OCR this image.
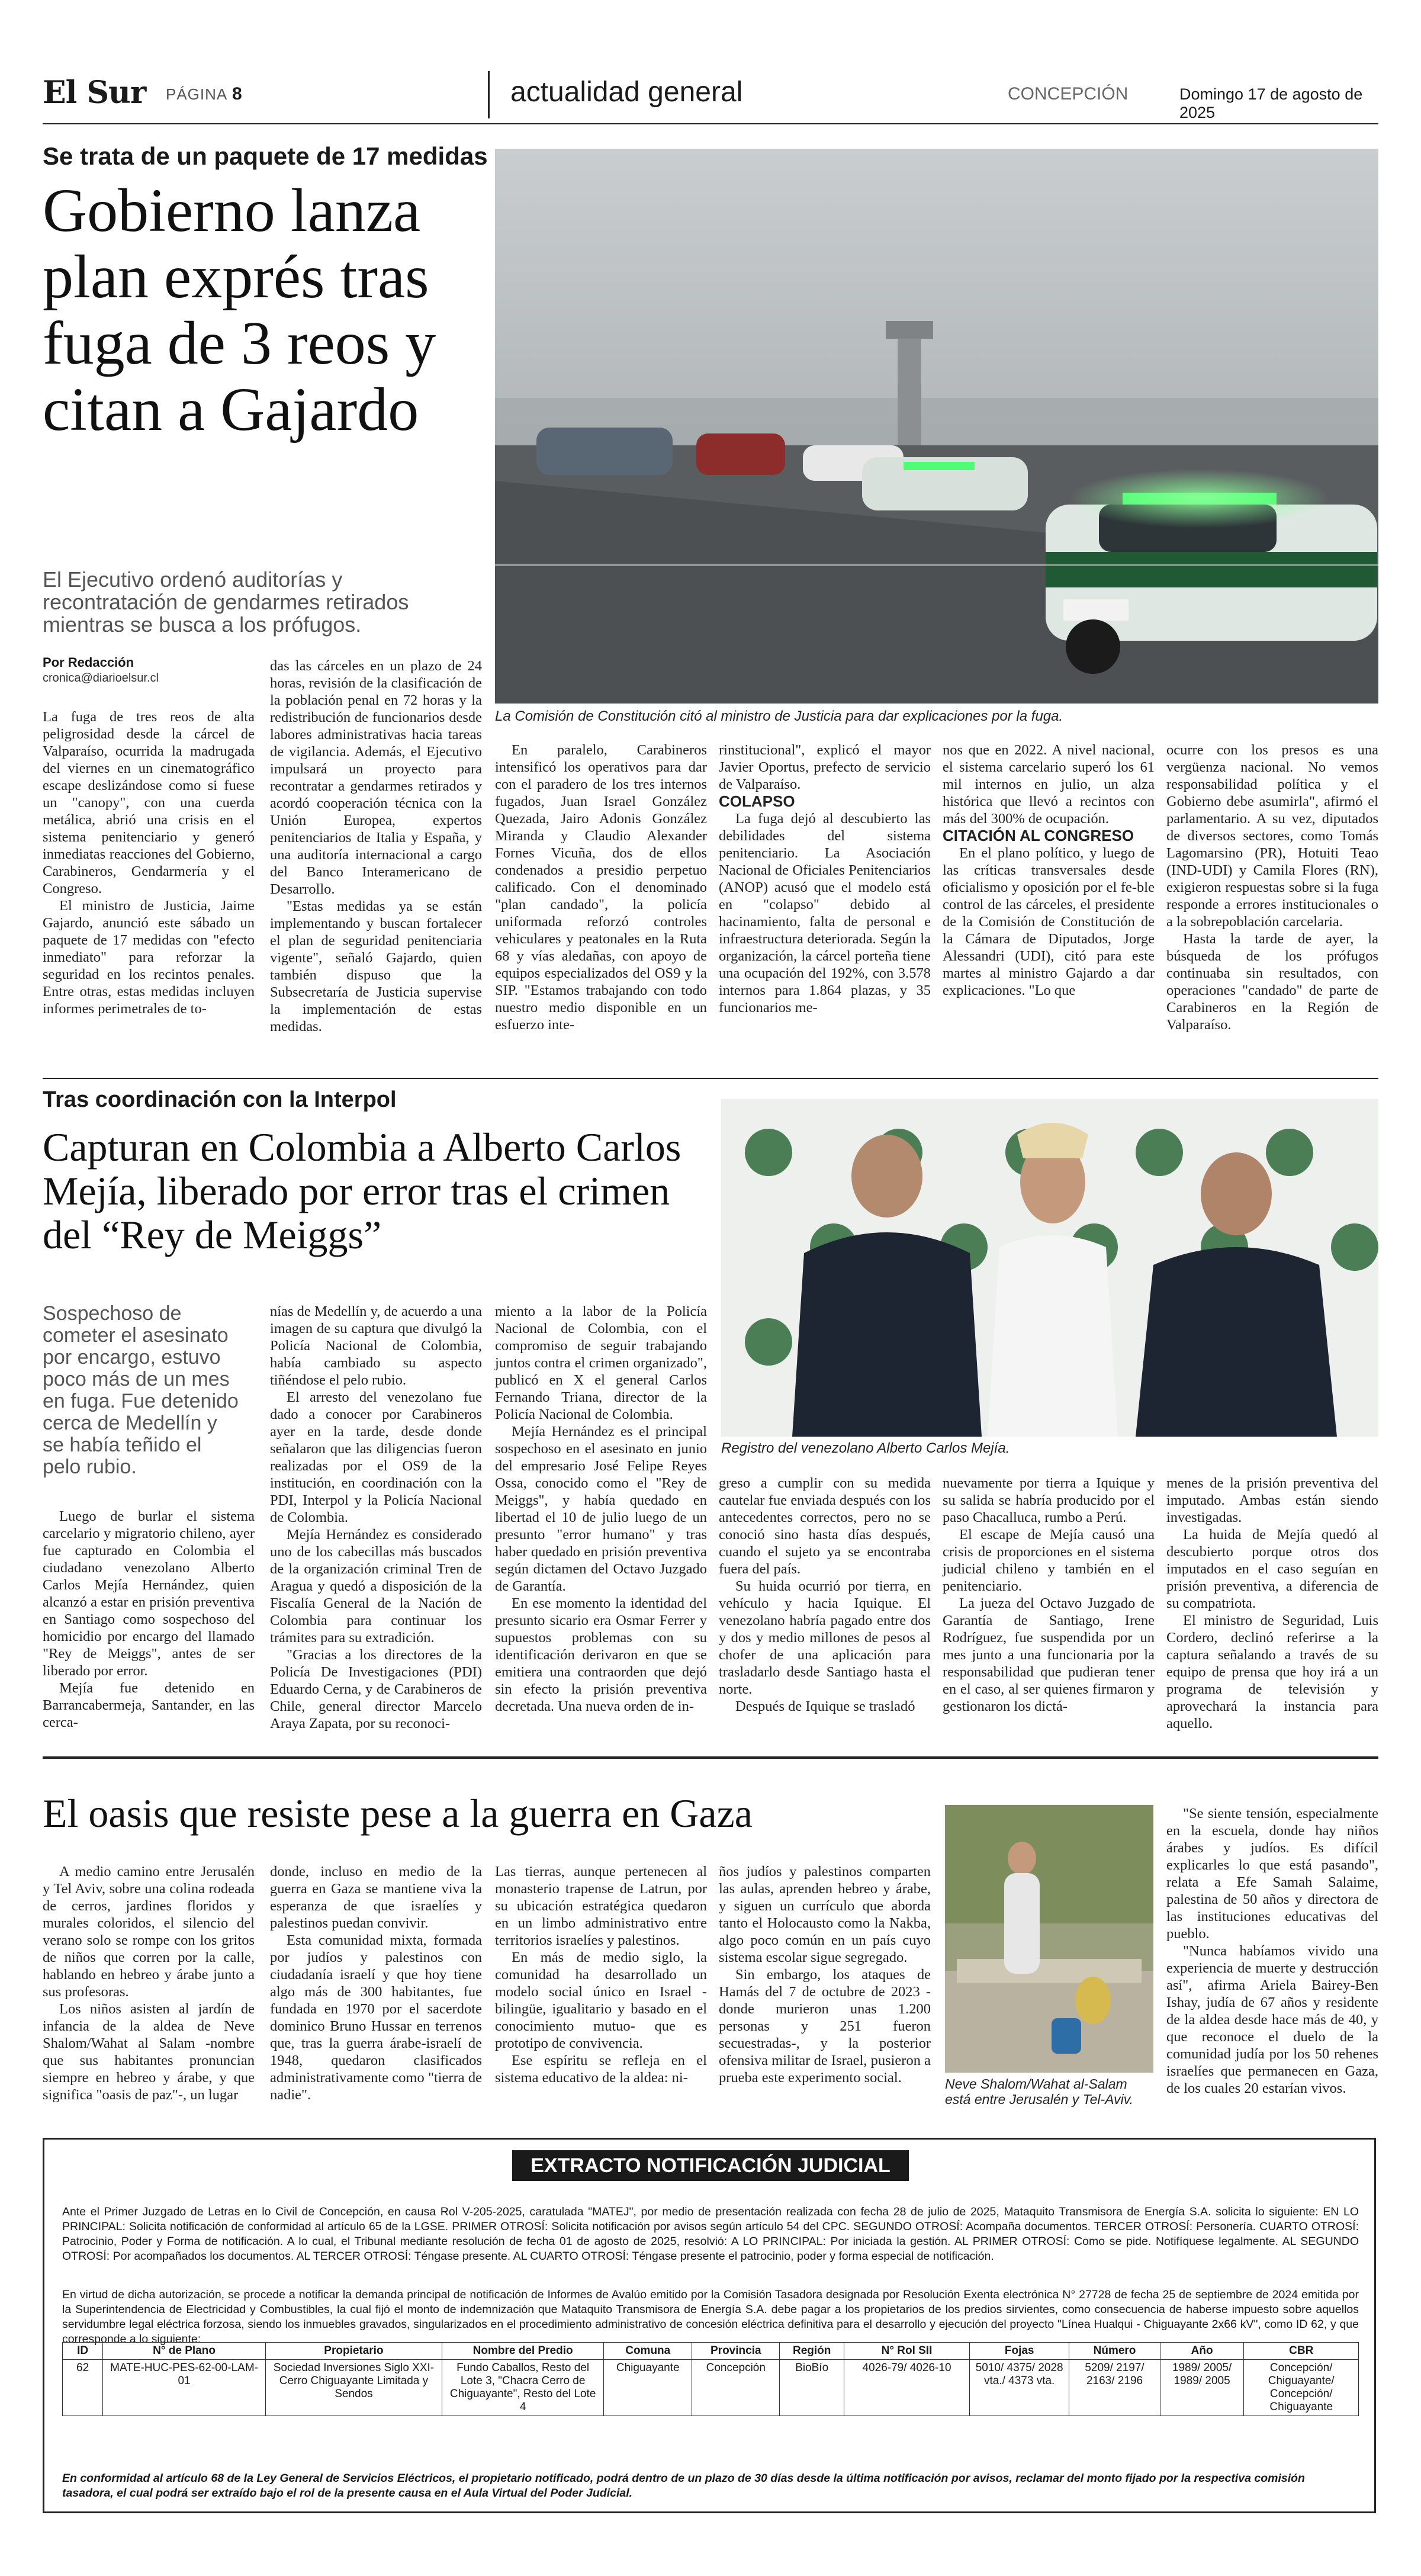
El Sur PÁGINA 8	actualidad general	CONCEPCIÓN	Domingo 17 de agosto de 2025
Se trata de un paquete de 17 medidas
Gobierno lanza plan exprés tras fuga de 3 reos y citan a Gajardo
El Ejecutivo ordenó auditorías y recontratación de gendarmes retirados mientras se busca a los prófugos.
La Comisión de Constitución citó al ministro de Justicia para dar explicaciones por la fuga.
Por Redacción
cronica@diarioelsur.cl

La fuga de tres reos de alta peligrosidad desde la cárcel de Valparaíso, ocurrida la madrugada del viernes en un cinematográfico escape deslizándose como si fuese un "canopy", con una cuerda metálica, abrió una crisis en el sistema penitenciario y generó inmediatas reacciones del Gobierno, Carabineros, Gendarmería y el Congreso.

El ministro de Justicia, Jaime Gajardo, anunció este sábado un paquete de 17 medidas con "efecto inmediato" para reforzar la seguridad en los recintos penales. Entre otras, estas medidas incluyen informes perimetrales de to-

das las cárceles en un plazo de 24 horas, revisión de la clasificación de la población penal en 72 horas y la redistribución de funcionarios desde labores administrativas hacia tareas de vigilancia. Además, el Ejecutivo impulsará un proyecto para recontratar a gendarmes retirados y acordó cooperación técnica con la Unión Europea, expertos penitenciarios de Italia y España, y una auditoría internacional a cargo del Banco Interamericano de Desarrollo.

"Estas medidas ya se están implementando y buscan fortalecer el plan de seguridad penitenciaria vigente", señaló Gajardo, quien también dispuso que la Subsecretaría de Justicia supervise la implementación de estas medidas.

En paralelo, Carabineros intensificó los operativos para dar con el paradero de los tres internos fugados, Juan Israel González Quezada, Jairo Adonis González Miranda y Claudio Alexander Fornes Vicuña, dos de ellos condenados a presidio perpetuo calificado. Con el denominado "plan candado", la policía uniformada reforzó controles vehiculares y peatonales en la Ruta 68 y vías aledañas, con apoyo de equipos especializados del OS9 y la SIP. "Estamos trabajando con todo nuestro medio disponible en un esfuerzo inte-

rinstitucional", explicó el mayor Javier Oportus, prefecto de servicio de Valparaíso.

COLAPSO

La fuga dejó al descubierto las debilidades del sistema penitenciario. La Asociación Nacional de Oficiales Penitenciarios (ANOP) acusó que el modelo está en "colapso" debido al hacinamiento, falta de personal e infraestructura deteriorada. Según la organización, la cárcel porteña tiene una ocupación del 192%, con 3.578 internos para 1.864 plazas, y 35 funcionarios me-

nos que en 2022. A nivel nacional, el sistema carcelario superó los 61 mil internos en julio, un alza histórica que llevó a recintos con más del 300% de ocupación.

CITACIÓN AL CONGRESO

En el plano político, y luego de las críticas transversales desde oficialismo y oposición por el fe-ble control de las cárceles, el presidente de la Comisión de Constitución de la Cámara de Diputados, Jorge Alessandri (UDI), citó para este martes al ministro Gajardo a dar explicaciones. "Lo que

ocurre con los presos es una vergüenza nacional. No vemos responsabilidad política y el Gobierno debe asumirla", afirmó el parlamentario. A su vez, diputados de diversos sectores, como Tomás Lagomarsino (PR), Hotuiti Teao (IND-UDI) y Camila Flores (RN), exigieron respuestas sobre si la fuga responde a errores institucionales o a la sobrepoblación carcelaria.

Hasta la tarde de ayer, la búsqueda de los prófugos continuaba sin resultados, con operaciones "candado" de parte de Carabineros en la Región de Valparaíso.

Tras coordinación con la Interpol
Capturan en Colombia a Alberto Carlos Mejía, liberado por error tras el crimen del “Rey de Meiggs”
Registro del venezolano Alberto Carlos Mejía.
Sospechoso de cometer el asesinato por encargo, estuvo poco más de un mes en fuga. Fue detenido cerca de Medellín y se había teñido el pelo rubio.

Luego de burlar el sistema carcelario y migratorio chileno, ayer fue capturado en Colombia el ciudadano venezolano Alberto Carlos Mejía Hernández, quien alcanzó a estar en prisión preventiva en Santiago como sospechoso del homicidio por encargo del llamado "Rey de Meiggs", antes de ser liberado por error.

Mejía fue detenido en Barrancabermeja, Santander, en las cerca-

nías de Medellín y, de acuerdo a una imagen de su captura que divulgó la Policía Nacional de Colombia, había cambiado su aspecto tiñéndose el pelo rubio.

El arresto del venezolano fue dado a conocer por Carabineros ayer en la tarde, desde donde señalaron que las diligencias fueron realizadas por el OS9 de la institución, en coordinación con la PDI, Interpol y la Policía Nacional de Colombia.

Mejía Hernández es considerado uno de los cabecillas más buscados de la organización criminal Tren de Aragua y quedó a disposición de la Fiscalía General de la Nación de Colombia para continuar los trámites para su extradición.

"Gracias a los directores de la Policía De Investigaciones (PDI) Eduardo Cerna, y de Carabineros de Chile, general director Marcelo Araya Zapata, por su reconoci-

miento a la labor de la Policía Nacional de Colombia, con el compromiso de seguir trabajando juntos contra el crimen organizado", publicó en X el general Carlos Fernando Triana, director de la Policía Nacional de Colombia.

Mejía Hernández es el principal sospechoso en el asesinato en junio del empresario José Felipe Reyes Ossa, conocido como el "Rey de Meiggs", y había quedado en libertad el 10 de julio luego de un presunto "error humano" y tras haber quedado en prisión preventiva según dictamen del Octavo Juzgado de Garantía.

En ese momento la identidad del presunto sicario era Osmar Ferrer y supuestos problemas con su identificación derivaron en que se emitiera una contraorden que dejó sin efecto la prisión preventiva decretada. Una nueva orden de in-

greso a cumplir con su medida cautelar fue enviada después con los antecedentes correctos, pero no se conoció sino hasta días después, cuando el sujeto ya se encontraba fuera del país.

Su huida ocurrió por tierra, en vehículo y hacia Iquique. El venezolano habría pagado entre dos y dos y medio millones de pesos al chofer de una aplicación para trasladarlo desde Santiago hasta el norte.

Después de Iquique se trasladó

nuevamente por tierra a Iquique y su salida se habría producido por el paso Chacalluca, rumbo a Perú.

El escape de Mejía causó una crisis de proporciones en el sistema judicial chileno y también en el penitenciario.

La jueza del Octavo Juzgado de Garantía de Santiago, Irene Rodríguez, fue suspendida por un mes junto a una funcionaria por la responsabilidad que pudieran tener en el caso, al ser quienes firmaron y gestionaron los dictá-

menes de la prisión preventiva del imputado. Ambas están siendo investigadas.

La huida de Mejía quedó al descubierto porque otros dos imputados en el caso seguían en prisión preventiva, a diferencia de su compatriota.

El ministro de Seguridad, Luis Cordero, declinó referirse a la captura señalando a través de su equipo de prensa que hoy irá a un programa de televisión y aprovechará la instancia para aquello.

El oasis que resiste pese a la guerra en Gaza

A medio camino entre Jerusalén y Tel Aviv, sobre una colina rodeada de cerros, jardines floridos y murales coloridos, el silencio del verano solo se rompe con los gritos de niños que corren por la calle, hablando en hebreo y árabe junto a sus profesoras.

Los niños asisten al jardín de infancia de la aldea de Neve Shalom/Wahat al Salam -nombre que sus habitantes pronuncian siempre en hebreo y árabe, y que significa "oasis de paz"-, un lugar

donde, incluso en medio de la guerra en Gaza se mantiene viva la esperanza de que israelíes y palestinos puedan convivir.

Esta comunidad mixta, formada por judíos y palestinos con ciudadanía israelí y que hoy tiene algo más de 300 habitantes, fue fundada en 1970 por el sacerdote dominico Bruno Hussar en terrenos que, tras la guerra árabe-israelí de 1948, quedaron clasificados administrativamente como "tierra de nadie".

Las tierras, aunque pertenecen al monasterio trapense de Latrun, por su ubicación estratégica quedaron en un limbo administrativo entre territorios israelíes y palestinos.

En más de medio siglo, la comunidad ha desarrollado un modelo social único en Israel -bilingüe, igualitario y basado en el conocimiento mutuo- que es prototipo de convivencia.

Ese espíritu se refleja en el sistema educativo de la aldea: ni-

ños judíos y palestinos comparten las aulas, aprenden hebreo y árabe, y siguen un currículo que aborda tanto el Holocausto como la Nakba, algo poco común en un país cuyo sistema escolar sigue segregado.

Sin embargo, los ataques de Hamás del 7 de octubre de 2023 -donde murieron unas 1.200 personas y 251 fueron secuestradas-, y la posterior ofensiva militar de Israel, pusieron a prueba este experimento social.	Neve Shalom/Wahat al-Salam está entre Jerusalén y Tel-Aviv.

"Se siente tensión, especialmente en la escuela, donde hay niños árabes y judíos. Es difícil explicarles lo que está pasando", relata a Efe Samah Salaime, palestina de 50 años y directora de las instituciones educativas del pueblo.

"Nunca habíamos vivido una experiencia de muerte y destrucción así", afirma Ariela Bairey-Ben Ishay, judía de 67 años y residente de la aldea desde hace más de 40, y que reconoce el duelo de la comunidad judía por los 50 rehenes israelíes que permanecen en Gaza, de los cuales 20 estarían vivos.

EXTRACTO NOTIFICACIÓN JUDICIAL
Ante el Primer Juzgado de Letras en lo Civil de Concepción, en causa Rol V-205-2025, caratulada "MATEJ", por medio de presentación realizada con fecha 28 de julio de 2025, Mataquito Transmisora de Energía S.A. solicita lo siguiente: EN LO PRINCIPAL: Solicita notificación de conformidad al artículo 65 de la LGSE. PRIMER OTROSÍ: Solicita notificación por avisos según artículo 54 del CPC. SEGUNDO OTROSÍ: Acompaña documentos. TERCER OTROSÍ: Personería. CUARTO OTROSÍ: Patrocinio, Poder y Forma de notificación. A lo cual, el Tribunal mediante resolución de fecha 01 de agosto de 2025, resolvió: A LO PRINCIPAL: Por iniciada la gestión. AL PRIMER OTROSÍ: Como se pide. Notifíquese legalmente. AL SEGUNDO OTROSÍ: Por acompañados los documentos. AL TERCER OTROSÍ: Téngase presente. AL CUARTO OTROSÍ: Téngase presente el patrocinio, poder y forma especial de notificación.
En virtud de dicha autorización, se procede a notificar la demanda principal de notificación de Informes de Avalúo emitido por la Comisión Tasadora designada por Resolución Exenta electrónica N° 27728 de fecha 25 de septiembre de 2024 emitida por la Superintendencia de Electricidad y Combustibles, la cual fijó el monto de indemnización que Mataquito Transmisora de Energía S.A. debe pagar a los propietarios de los predios sirvientes, como consecuencia de haberse impuesto sobre aquellos servidumbre legal eléctrica forzosa, siendo los inmuebles gravados, singularizados en el procedimiento administrativo de concesión eléctrica definitiva para el desarrollo y ejecución del proyecto "Línea Hualqui - Chiguayante 2x66 kV", como ID 62, y que corresponde a lo siguiente:
ID	N° de Plano	Propietario	Nombre del Predio	Comuna	Provincia	Región	N° Rol SII	Fojas	Número	Año	CBR
62	MATE-HUC-PES-62-00-LAM-01	Sociedad Inversiones Siglo XXI-Cerro Chiguayante Limitada y Sendos	Fundo Caballos, Resto del Lote 3, "Chacra Cerro de Chiguayante", Resto del Lote 4	Chiguayante	Concepción	BioBío	4026-79/ 4026-10	5010/ 4375/ 2028 vta./ 4373 vta.	5209/ 2197/ 2163/ 2196	1989/ 2005/ 1989/ 2005	Concepción/ Chiguayante/ Concepción/ Chiguayante
En conformidad al artículo 68 de la Ley General de Servicios Eléctricos, el propietario notificado, podrá dentro de un plazo de 30 días desde la última notificación por avisos, reclamar del monto fijado por la respectiva comisión tasadora, el cual podrá ser extraído bajo el rol de la presente causa en el Aula Virtual del Poder Judicial.
